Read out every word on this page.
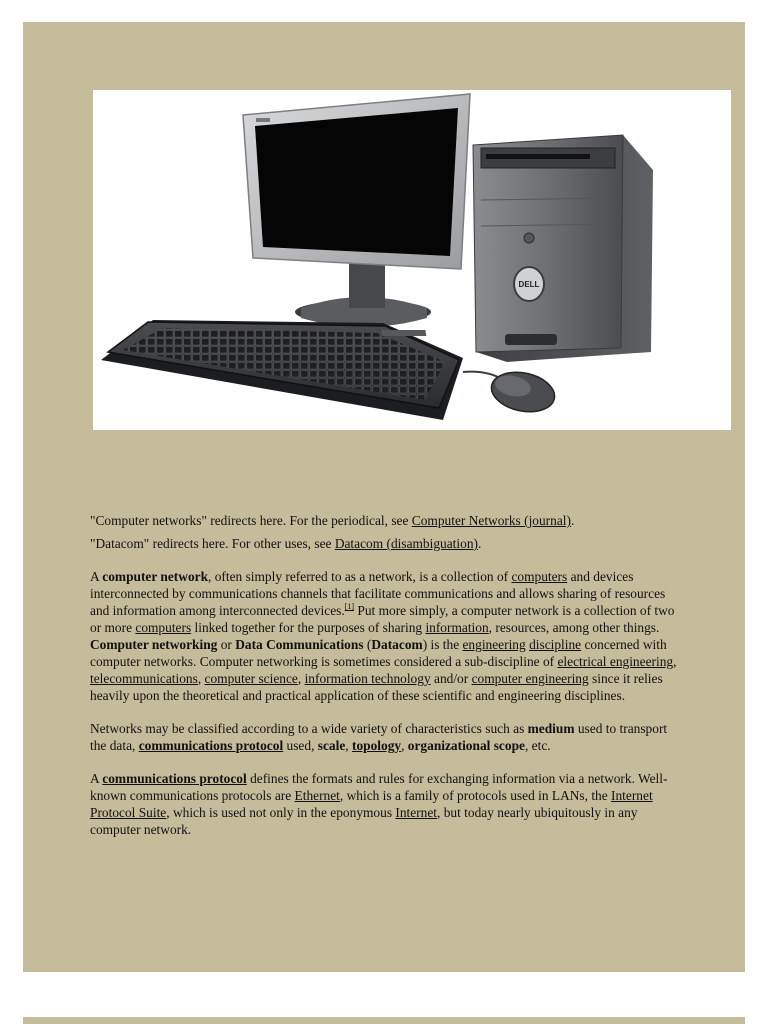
DELL

"Computer networks" redirects here. For the periodical, see Computer Networks (journal).

"Datacom" redirects here. For other uses, see Datacom (disambiguation).

A computer network, often simply referred to as a network, is a collection of computers and devices interconnected by communications channels that facilitate communications and allows sharing of resources and information among interconnected devices.[1] Put more simply, a computer network is a collection of two or more computers linked together for the purposes of sharing information, resources, among other things. Computer networking or Data Communications (Datacom) is the engineering discipline concerned with computer networks. Computer networking is sometimes considered a sub-discipline of electrical engineering, telecommunications, computer science, information technology and/or computer engineering since it relies heavily upon the theoretical and practical application of these scientific and engineering disciplines.

Networks may be classified according to a wide variety of characteristics such as medium used to transport the data, communications protocol used, scale, topology, organizational scope, etc.

A communications protocol defines the formats and rules for exchanging information via a network. Well-known communications protocols are Ethernet, which is a family of protocols used in LANs, the Internet Protocol Suite, which is used not only in the eponymous Internet, but today nearly ubiquitously in any computer network.
